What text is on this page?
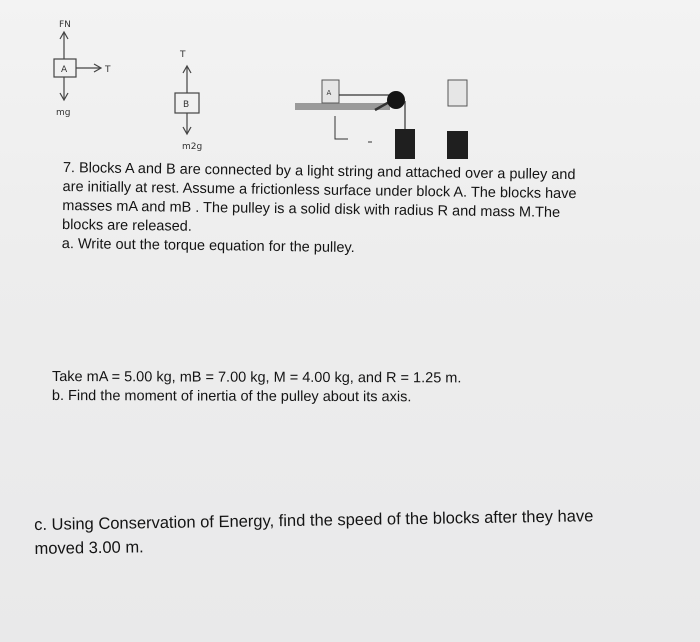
FN
A	T
mg
T
B
m2g
A

7. Blocks A and B are connected by a light string and attached over a pulley and
are initially at rest. Assume a frictionless surface under block A. The blocks have
masses mA and mB . The pulley is a solid disk with radius R and mass M.The
blocks are released.
a. Write out the torque equation for the pulley.

Take mA = 5.00 kg, mB = 7.00 kg, M = 4.00 kg, and R = 1.25 m.
b. Find the moment of inertia of the pulley about its axis.

c. Using Conservation of Energy, find the speed of the blocks after they have
moved 3.00 m.
